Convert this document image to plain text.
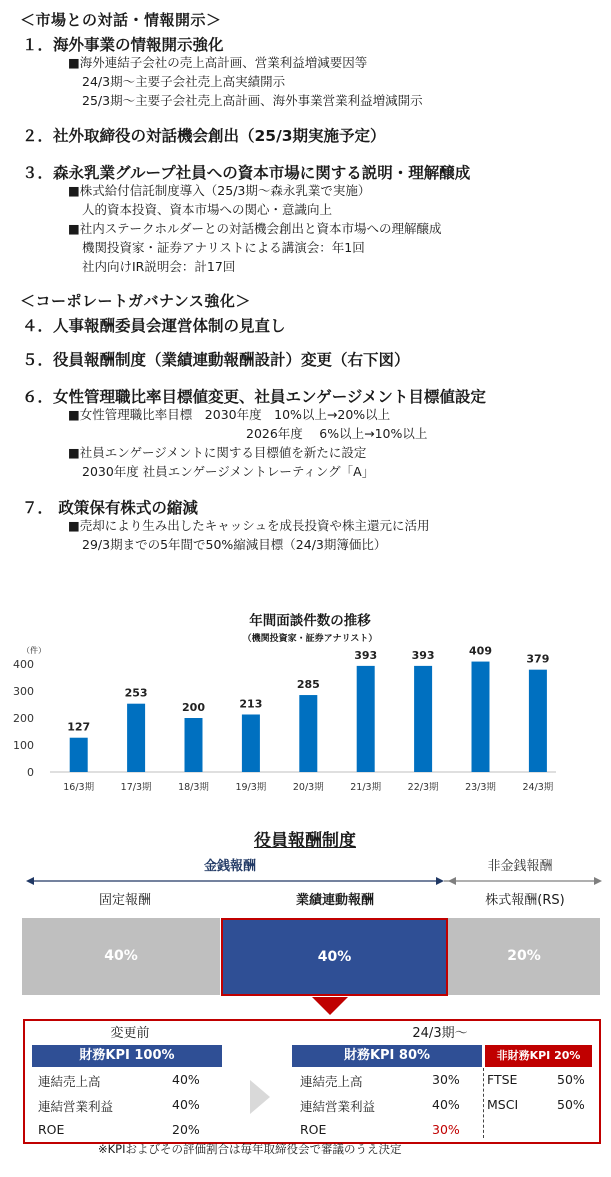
＜市場との対話・情報開示＞
１．海外事業の情報開示強化
■海外連結子会社の売上高計画、営業利益増減要因等
24/3期～主要子会社売上高実績開示
25/3期～主要子会社売上高計画、海外事業営業利益増減開示
２．社外取締役の対話機会創出（25/3期実施予定）
３．森永乳業グループ社員への資本市場に関する説明・理解醸成
■株式給付信託制度導入（25/3期～森永乳業で実施）
人的資本投資、資本市場への関心・意識向上
■社内ステークホルダーとの対話機会創出と資本市場への理解醸成
機関投資家・証券アナリストによる講演会：年1回
社内向けIR説明会：計17回
＜コーポレートガバナンス強化＞
４．人事報酬委員会運営体制の見直し
５．役員報酬制度（業績連動報酬設計）変更（右下図）
６．女性管理職比率目標値変更、社員エンゲージメント目標値設定
■女性管理職比率目標　2030年度　10%以上→20%以上
2026年度　 6%以上→10%以上
■社員エンゲージメントに関する目標値を新たに設定
2030年度 社員エンゲージメントレーティング「A」
７． 政策保有株式の縮減
■売却により生み出したキャッシュを成長投資や株主還元に活用
29/3期までの5年間で50%縮減目標（24/3期簿価比）
年間面談件数の推移
（機関投資家・証券アナリスト）
（件）
0
100
200
300
400
127
16/3期
253
17/3期
200
18/3期
213
19/3期
285
20/3期
393
21/3期
393
22/3期
409
23/3期
379
24/3期
役員報酬制度
金銭報酬	非金銭報酬
固定報酬	業績連動報酬	株式報酬(RS)
40%	40%	20%
変更前	24/3期～
財務KPI 100%	財務KPI 80%	非財務KPI 20%
連結売上高	40%
連結営業利益	40%
ROE	20%
連結売上高	30%
連結営業利益	40%
ROE	30%
FTSE	50%
MSCI	50%
※KPIおよびその評価割合は毎年取締役会で審議のうえ決定
